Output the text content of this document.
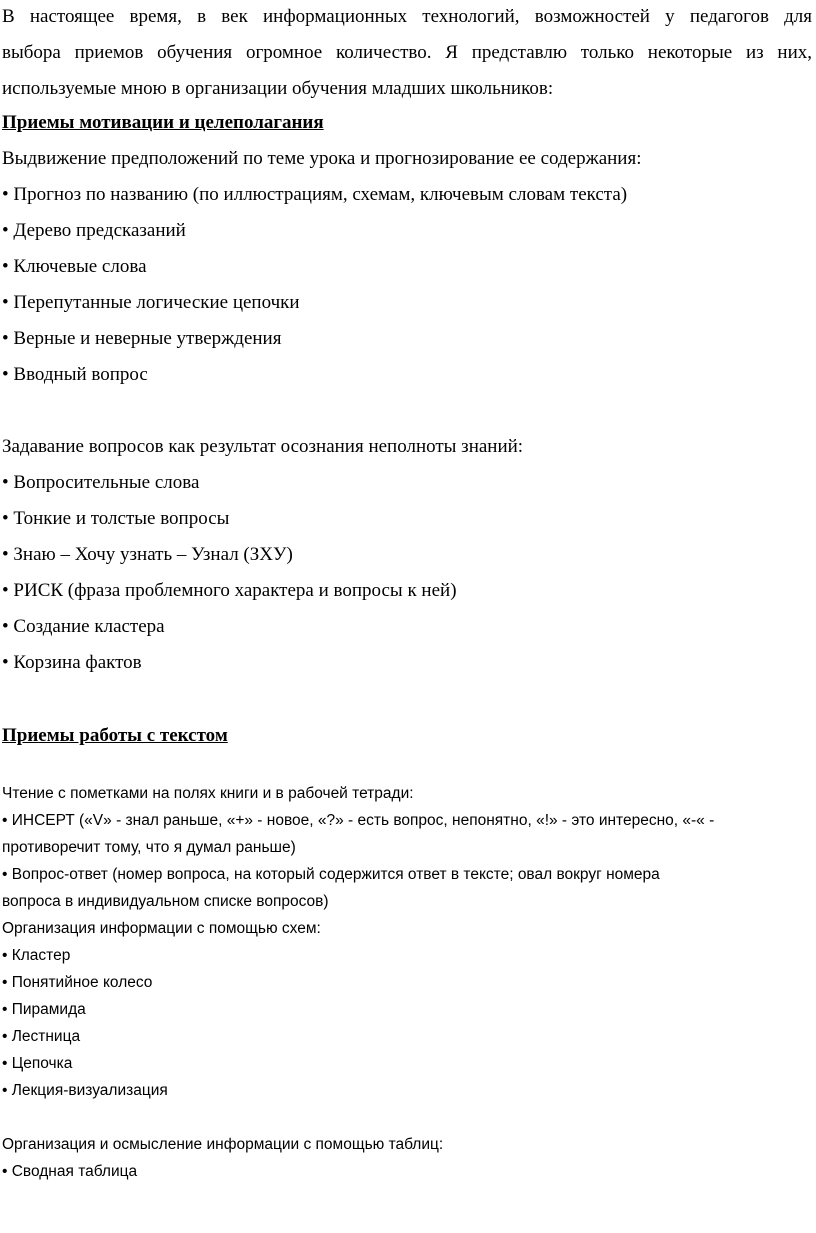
В настоящее время, в век информационных технологий, возможностей у педагогов для
выбора приемов обучения огромное количество. Я представлю только некоторые из них,
используемые мною в организации обучения младших школьников:
Приемы мотивации и целеполагания
Выдвижение предположений по теме урока и прогнозирование ее содержания:
• Прогноз по названию (по иллюстрациям, схемам, ключевым словам текста)
• Дерево предсказаний
• Ключевые слова
• Перепутанные логические цепочки
• Верные и неверные утверждения
• Вводный вопрос
Задавание вопросов как результат осознания неполноты знаний:
• Вопросительные слова
• Тонкие и толстые вопросы
• Знаю – Хочу узнать – Узнал (ЗХУ)
• РИСК (фраза проблемного характера и вопросы к ней)
• Создание кластера
• Корзина фактов
Приемы работы с текстом
Чтение с пометками на полях книги и в рабочей тетради:
• ИНСЕРТ («V» - знал раньше, «+» - новое, «?» - есть вопрос, непонятно, «!» - это интересно, «-« -
противоречит тому, что я думал раньше)
• Вопрос-ответ (номер вопроса, на который содержится ответ в тексте; овал вокруг номера
вопроса в индивидуальном списке вопросов)
Организация информации с помощью схем:
• Кластер
• Понятийное колесо
• Пирамида
• Лестница
• Цепочка
• Лекция-визуализация
Организация и осмысление информации с помощью таблиц:
• Сводная таблица
